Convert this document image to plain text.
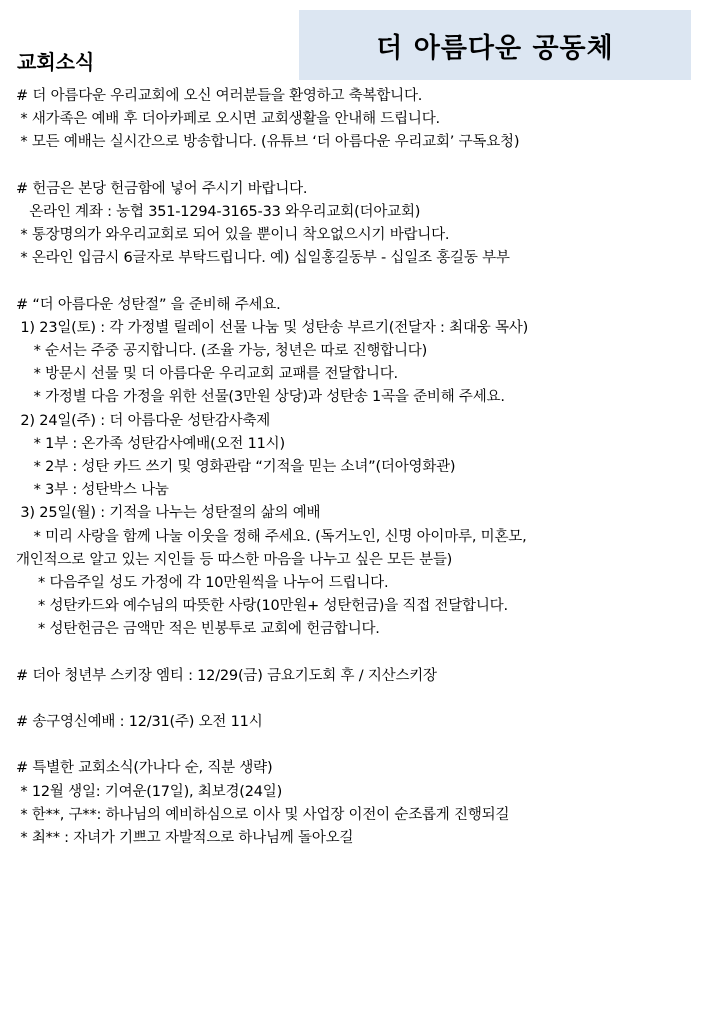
더 아름다운 공동체
교회소식
# 더 아름다운 우리교회에 오신 여러분들을 환영하고 축복합니다.
* 새가족은 예배 후 더아카페로 오시면 교회생활을 안내해 드립니다.
* 모든 예배는 실시간으로 방송합니다. (유튜브 ‘더 아름다운 우리교회’ 구독요청)
# 헌금은 본당 헌금함에 넣어 주시기 바랍니다.
온라인 계좌 : 농협 351-1294-3165-33 와우리교회(더아교회)
* 통장명의가 와우리교회로 되어 있을 뿐이니 착오없으시기 바랍니다.
* 온라인 입금시 6글자로 부탁드립니다. 예) 십일홍길동부 - 십일조 홍길동 부부
# “더 아름다운 성탄절” 을 준비해 주세요.
1) 23일(토) : 각 가정별 릴레이 선물 나눔 및 성탄송 부르기(전달자 : 최대웅 목사)
* 순서는 주중 공지합니다. (조율 가능, 청년은 따로 진행합니다)
* 방문시 선물 및 더 아름다운 우리교회 교패를 전달합니다.
* 가정별 다음 가정을 위한 선물(3만원 상당)과 성탄송 1곡을 준비해 주세요.
2) 24일(주) : 더 아름다운 성탄감사축제
* 1부 : 온가족 성탄감사예배(오전 11시)
* 2부 : 성탄 카드 쓰기 및 영화관람 “기적을 믿는 소녀”(더아영화관)
* 3부 : 성탄박스 나눔
3) 25일(월) : 기적을 나누는 성탄절의 삶의 예배
* 미리 사랑을 함께 나눌 이웃을 정해 주세요. (독거노인, 신명 아이마루, 미혼모,
개인적으로 알고 있는 지인들 등 따스한 마음을 나누고 싶은 모든 분들)
* 다음주일 성도 가정에 각 10만원씩을 나누어 드립니다.
* 성탄카드와 예수님의 따뜻한 사랑(10만원+ 성탄헌금)을 직접 전달합니다.
* 성탄헌금은 금액만 적은 빈봉투로 교회에 헌금합니다.
# 더아 청년부 스키장 엠티 : 12/29(금) 금요기도회 후 / 지산스키장
# 송구영신예배 : 12/31(주) 오전 11시
# 특별한 교회소식(가나다 순, 직분 생략)
* 12월 생일: 기여운(17일), 최보경(24일)
* 한**, 구**: 하나님의 예비하심으로 이사 및 사업장 이전이 순조롭게 진행되길
* 최** : 자녀가 기쁘고 자발적으로 하나님께 돌아오길
